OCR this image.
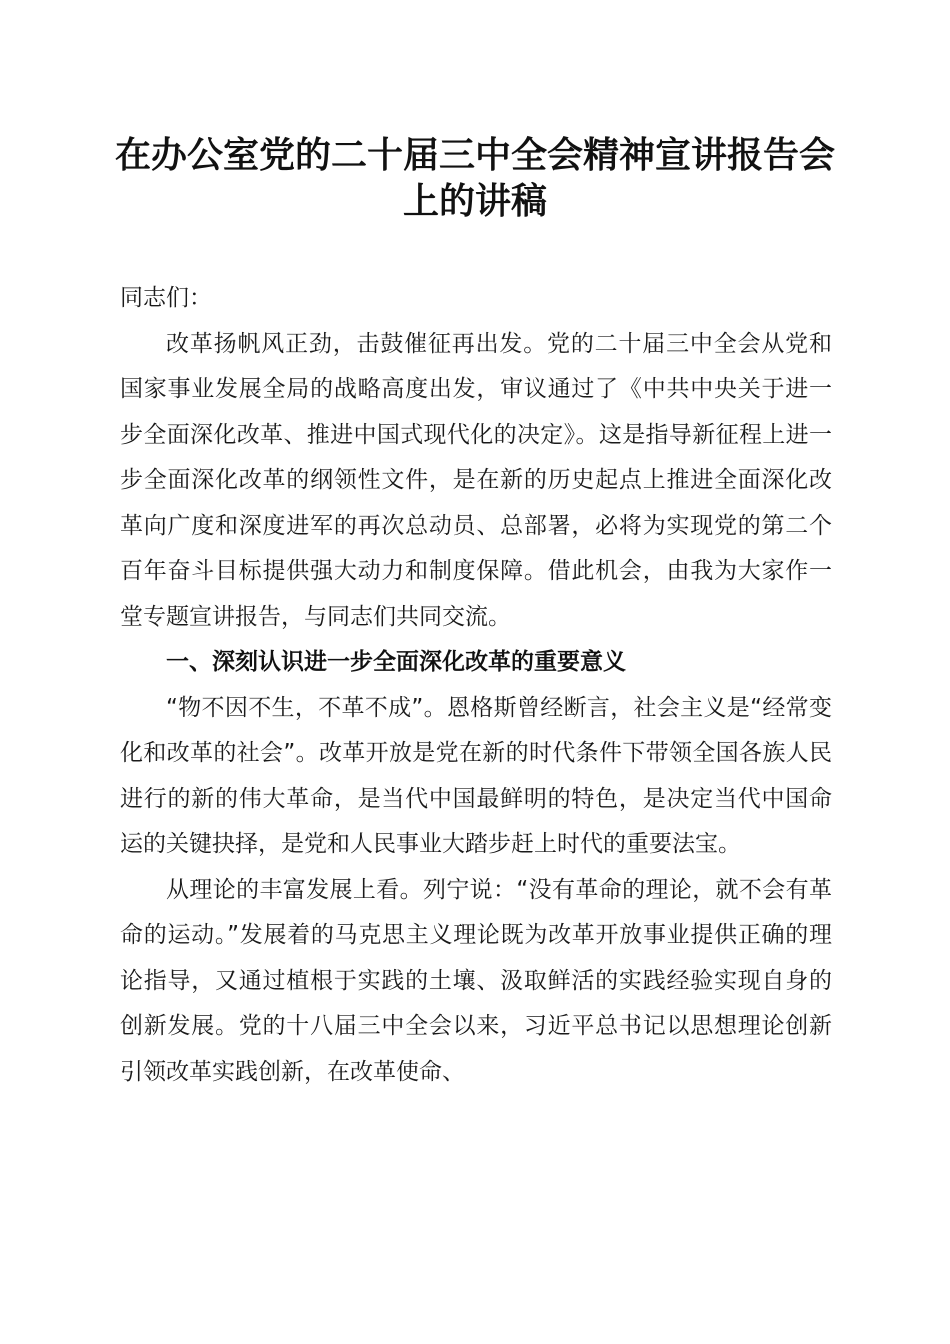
在办公室党的二十届三中全会精神宣讲报告会上的讲稿

同志们：

改革扬帆风正劲，击鼓催征再出发。党的二十届三中全会从党和国家事业发展全局的战略高度出发，审议通过了《中共中央关于进一步全面深化改革、推进中国式现代化的决定》。这是指导新征程上进一步全面深化改革的纲领性文件，是在新的历史起点上推进全面深化改革向广度和深度进军的再次总动员、总部署，必将为实现党的第二个百年奋斗目标提供强大动力和制度保障。借此机会，由我为大家作一堂专题宣讲报告，与同志们共同交流。

一、深刻认识进一步全面深化改革的重要意义

“物不因不生，不革不成”。恩格斯曾经断言，社会主义是“经常变化和改革的社会”。改革开放是党在新的时代条件下带领全国各族人民进行的新的伟大革命，是当代中国最鲜明的特色，是决定当代中国命运的关键抉择，是党和人民事业大踏步赶上时代的重要法宝。

从理论的丰富发展上看。列宁说：“没有革命的理论，就不会有革命的运动。”发展着的马克思主义理论既为改革开放事业提供正确的理论指导，又通过植根于实践的土壤、汲取鲜活的实践经验实现自身的创新发展。党的十八届三中全会以来，习近平总书记以思想理论创新引领改革实践创新，在改革使命、
